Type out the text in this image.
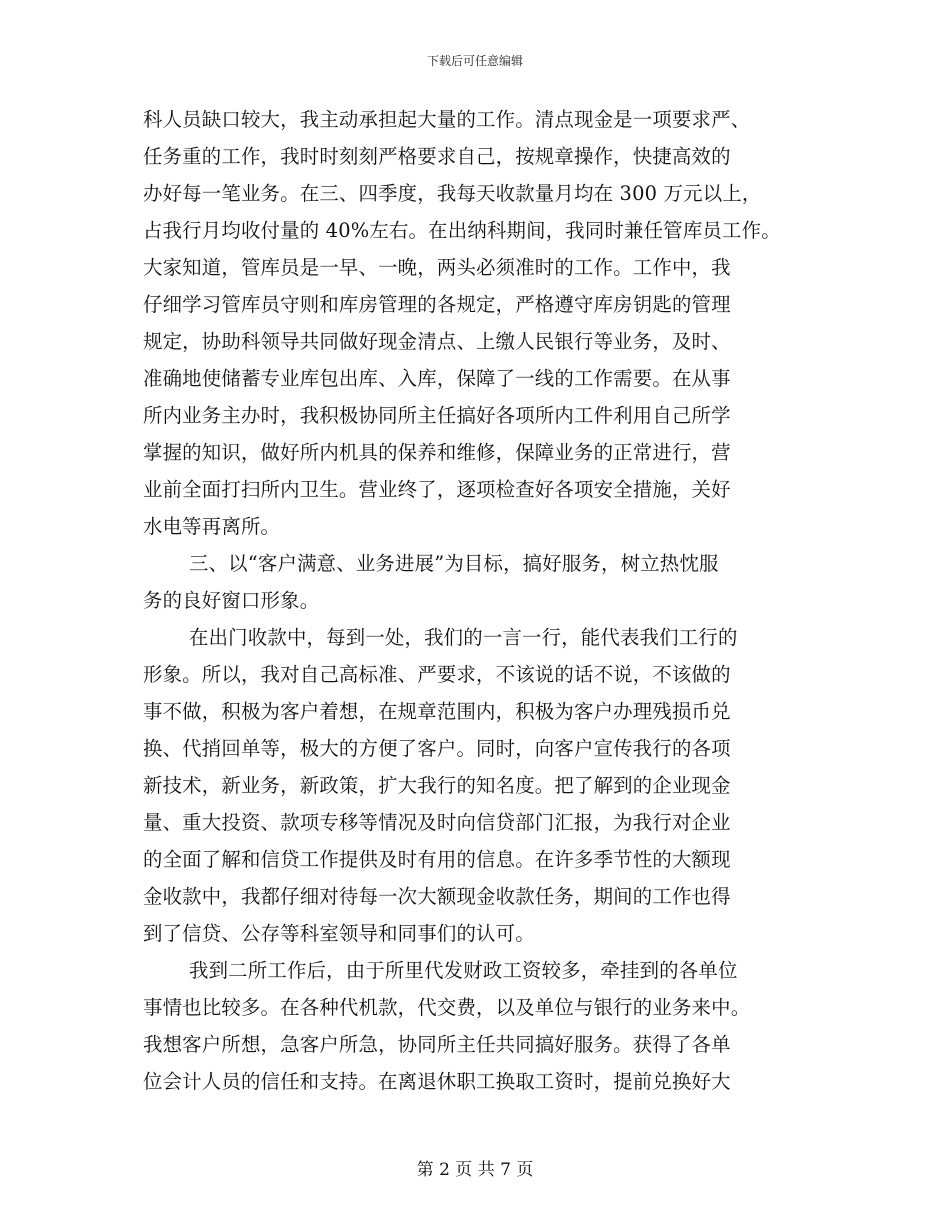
下载后可任意编辑
科人员缺口较大，我主动承担起大量的工作。清点现金是一项要求严、
任务重的工作，我时时刻刻严格要求自己，按规章操作，快捷高效的
办好每一笔业务。在三、四季度，我每天收款量月均在 300 万元以上，
占我行月均收付量的 40%左右。在出纳科期间，我同时兼任管库员工作。
大家知道，管库员是一早、一晚，两头必须准时的工作。工作中，我
仔细学习管库员守则和库房管理的各规定，严格遵守库房钥匙的管理
规定，协助科领导共同做好现金清点、上缴人民银行等业务，及时、
准确地使储蓄专业库包出库、入库，保障了一线的工作需要。在从事
所内业务主办时，我积极协同所主任搞好各项所内工件利用自己所学
掌握的知识，做好所内机具的保养和维修，保障业务的正常进行，营
业前全面打扫所内卫生。营业终了，逐项检查好各项安全措施，关好
水电等再离所。
三、以“客户满意、业务进展”为目标，搞好服务，树立热忱服
务的良好窗口形象。
在出门收款中，每到一处，我们的一言一行，能代表我们工行的
形象。所以，我对自己高标准、严要求，不该说的话不说，不该做的
事不做，积极为客户着想，在规章范围内，积极为客户办理残损币兑
换、代捎回单等，极大的方便了客户。同时，向客户宣传我行的各项
新技术，新业务，新政策，扩大我行的知名度。把了解到的企业现金
量、重大投资、款项专移等情况及时向信贷部门汇报，为我行对企业
的全面了解和信贷工作提供及时有用的信息。在许多季节性的大额现
金收款中，我都仔细对待每一次大额现金收款任务，期间的工作也得
到了信贷、公存等科室领导和同事们的认可。
我到二所工作后，由于所里代发财政工资较多，牵挂到的各单位
事情也比较多。在各种代机款，代交费，以及单位与银行的业务来中。
我想客户所想，急客户所急，协同所主任共同搞好服务。获得了各单
位会计人员的信任和支持。在离退休职工换取工资时，提前兑换好大
第 2 页 共 7 页
